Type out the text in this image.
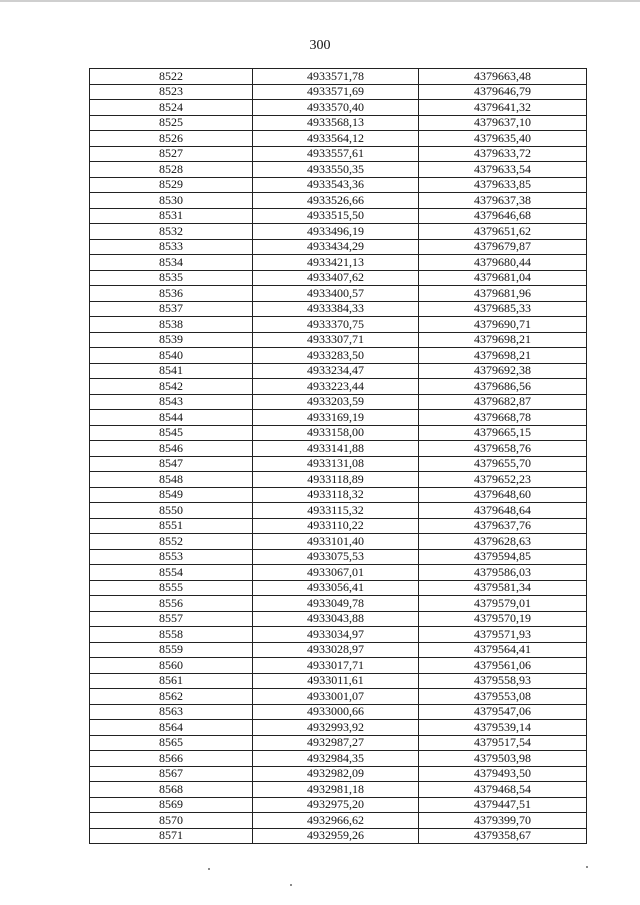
300
8522	4933571,78	4379663,48
8523	4933571,69	4379646,79
8524	4933570,40	4379641,32
8525	4933568,13	4379637,10
8526	4933564,12	4379635,40
8527	4933557,61	4379633,72
8528	4933550,35	4379633,54
8529	4933543,36	4379633,85
8530	4933526,66	4379637,38
8531	4933515,50	4379646,68
8532	4933496,19	4379651,62
8533	4933434,29	4379679,87
8534	4933421,13	4379680,44
8535	4933407,62	4379681,04
8536	4933400,57	4379681,96
8537	4933384,33	4379685,33
8538	4933370,75	4379690,71
8539	4933307,71	4379698,21
8540	4933283,50	4379698,21
8541	4933234,47	4379692,38
8542	4933223,44	4379686,56
8543	4933203,59	4379682,87
8544	4933169,19	4379668,78
8545	4933158,00	4379665,15
8546	4933141,88	4379658,76
8547	4933131,08	4379655,70
8548	4933118,89	4379652,23
8549	4933118,32	4379648,60
8550	4933115,32	4379648,64
8551	4933110,22	4379637,76
8552	4933101,40	4379628,63
8553	4933075,53	4379594,85
8554	4933067,01	4379586,03
8555	4933056,41	4379581,34
8556	4933049,78	4379579,01
8557	4933043,88	4379570,19
8558	4933034,97	4379571,93
8559	4933028,97	4379564,41
8560	4933017,71	4379561,06
8561	4933011,61	4379558,93
8562	4933001,07	4379553,08
8563	4933000,66	4379547,06
8564	4932993,92	4379539,14
8565	4932987,27	4379517,54
8566	4932984,35	4379503,98
8567	4932982,09	4379493,50
8568	4932981,18	4379468,54
8569	4932975,20	4379447,51
8570	4932966,62	4379399,70
8571	4932959,26	4379358,67
